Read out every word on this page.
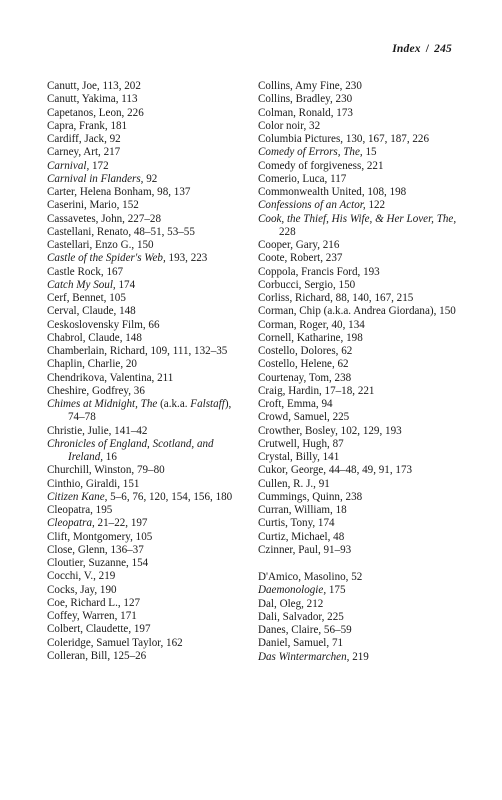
Index / 245
Canutt, Joe, 113, 202
Canutt, Yakima, 113
Capetanos, Leon, 226
Capra, Frank, 181
Cardiff, Jack, 92
Carney, Art, 217
Carnival, 172
Carnival in Flanders, 92
Carter, Helena Bonham, 98, 137
Caserini, Mario, 152
Cassavetes, John, 227–28
Castellani, Renato, 48–51, 53–55
Castellari, Enzo G., 150
Castle of the Spider's Web, 193, 223
Castle Rock, 167
Catch My Soul, 174
Cerf, Bennet, 105
Cerval, Claude, 148
Ceskoslovensky Film, 66
Chabrol, Claude, 148
Chamberlain, Richard, 109, 111, 132–35
Chaplin, Charlie, 20
Chendrikova, Valentina, 211
Cheshire, Godfrey, 36
Chimes at Midnight, The (a.k.a. Falstaff), 74–78
Christie, Julie, 141–42
Chronicles of England, Scotland, and Ireland, 16
Churchill, Winston, 79–80
Cinthio, Giraldi, 151
Citizen Kane, 5–6, 76, 120, 154, 156, 180
Cleopatra, 195
Cleopatra, 21–22, 197
Clift, Montgomery, 105
Close, Glenn, 136–37
Cloutier, Suzanne, 154
Cocchi, V., 219
Cocks, Jay, 190
Coe, Richard L., 127
Coffey, Warren, 171
Colbert, Claudette, 197
Coleridge, Samuel Taylor, 162
Colleran, Bill, 125–26
Collins, Amy Fine, 230
Collins, Bradley, 230
Colman, Ronald, 173
Color noir, 32
Columbia Pictures, 130, 167, 187, 226
Comedy of Errors, The, 15
Comedy of forgiveness, 221
Comerio, Luca, 117
Commonwealth United, 108, 198
Confessions of an Actor, 122
Cook, the Thief, His Wife, & Her Lover, The, 228
Cooper, Gary, 216
Coote, Robert, 237
Coppola, Francis Ford, 193
Corbucci, Sergio, 150
Corliss, Richard, 88, 140, 167, 215
Corman, Chip (a.k.a. Andrea Giordana), 150
Corman, Roger, 40, 134
Cornell, Katharine, 198
Costello, Dolores, 62
Costello, Helene, 62
Courtenay, Tom, 238
Craig, Hardin, 17–18, 221
Croft, Emma, 94
Crowd, Samuel, 225
Crowther, Bosley, 102, 129, 193
Crutwell, Hugh, 87
Crystal, Billy, 141
Cukor, George, 44–48, 49, 91, 173
Cullen, R. J., 91
Cummings, Quinn, 238
Curran, William, 18
Curtis, Tony, 174
Curtiz, Michael, 48
Czinner, Paul, 91–93
D'Amico, Masolino, 52
Daemonologie, 175
Dal, Oleg, 212
Dali, Salvador, 225
Danes, Claire, 56–59
Daniel, Samuel, 71
Das Wintermarchen, 219
